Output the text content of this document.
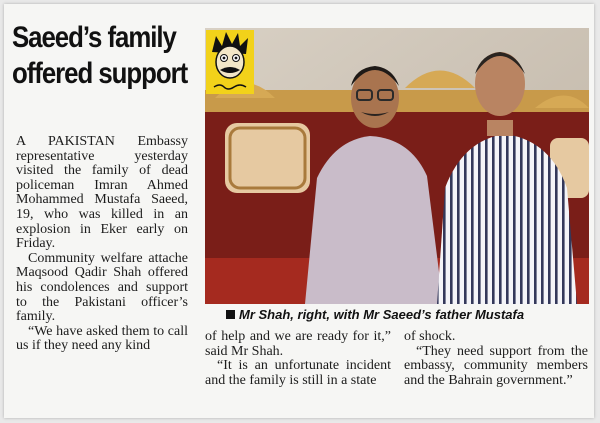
Saeed’s family
offered support

A PAKISTAN Embassy representative yesterday visited the family of dead policeman Imran Ahmed Mohammed Mustafa Saeed, 19, who was killed in an explosion in Eker early on Friday.

Community welfare attache Maqsood Qadir Shah offered his condolences and support to the Pakistani officer’s family.

“We have asked them to call us if they need any kind

Mr Shah, right, with Mr Saeed’s father Mustafa

of help and we are ready for it,” said Mr Shah.

“It is an unfortunate incident and the family is still in a state

of shock.

“They need support from the embassy, community members and the Bahrain government.”
